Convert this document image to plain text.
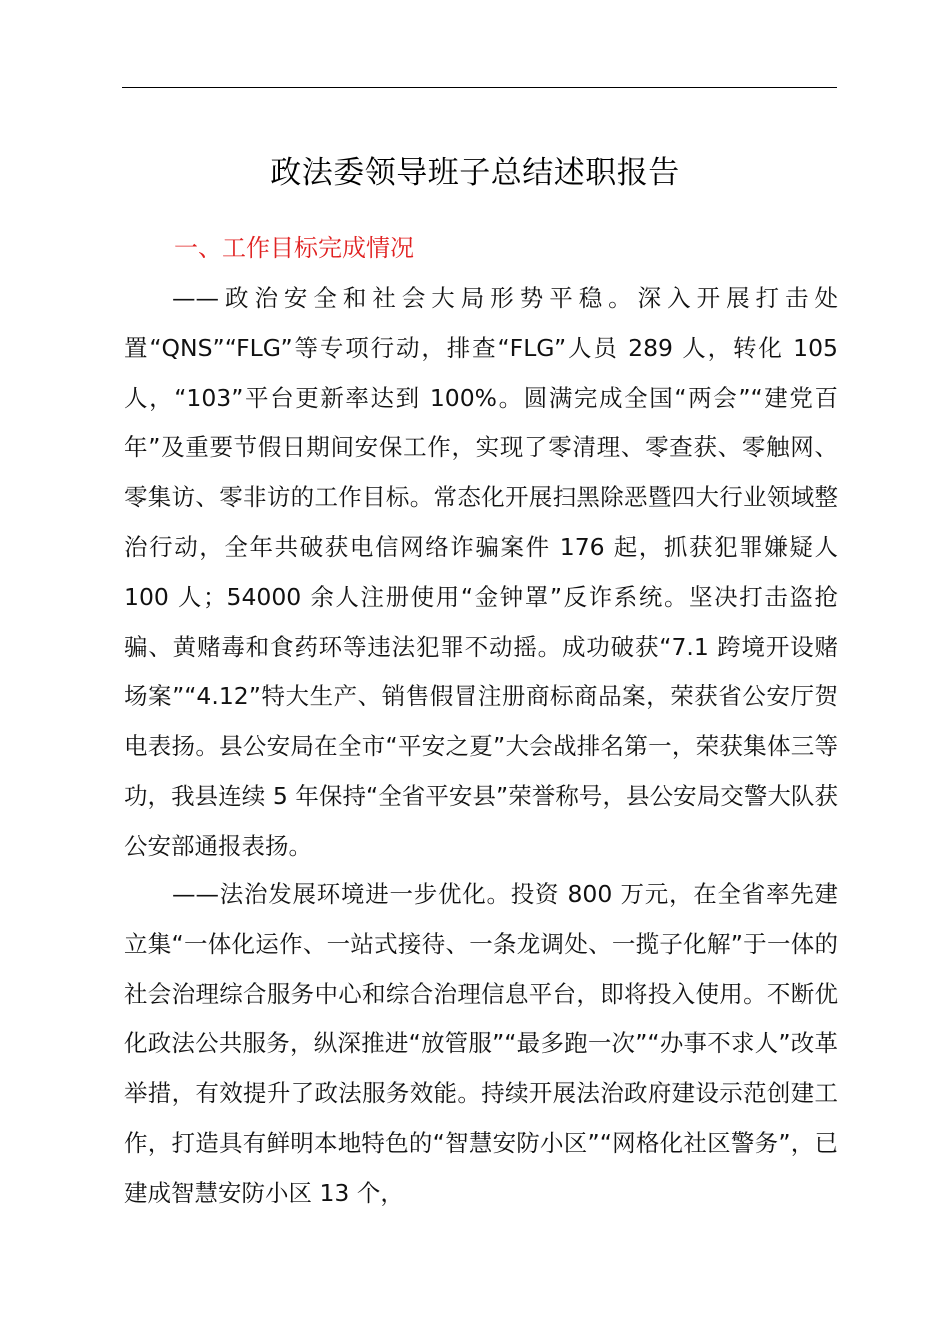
政法委领导班子总结述职报告
一、工作目标完成情况

——政治安全和社会大局形势平稳。深入开展打击处置“QNS”“FLG”等专项行动，排查“FLG”人员 289 人，转化 105 人，“103”平台更新率达到 100%。圆满完成全国“两会”“建党百年”及重要节假日期间安保工作，实现了零清理、零查获、零触网、零集访、零非访的工作目标。常态化开展扫黑除恶暨四大行业领域整治行动，全年共破获电信网络诈骗案件 176 起，抓获犯罪嫌疑人 100 人；54000 余人注册使用“金钟罩”反诈系统。坚决打击盗抢骗、黄赌毒和食药环等违法犯罪不动摇。成功破获“7.1 跨境开设赌场案”“4.12”特大生产、销售假冒注册商标商品案，荣获省公安厅贺电表扬。县公安局在全市“平安之夏”大会战排名第一，荣获集体三等功，我县连续 5 年保持“全省平安县”荣誉称号，县公安局交警大队获公安部通报表扬。

——法治发展环境进一步优化。投资 800 万元，在全省率先建立集“一体化运作、一站式接待、一条龙调处、一揽子化解”于一体的社会治理综合服务中心和综合治理信息平台，即将投入使用。不断优化政法公共服务，纵深推进“放管服”“最多跑一次”“办事不求人”改革举措，有效提升了政法服务效能。持续开展法治政府建设示范创建工作，打造具有鲜明本地特色的“智慧安防小区”“网格化社区警务”，已建成智慧安防小区 13 个，
